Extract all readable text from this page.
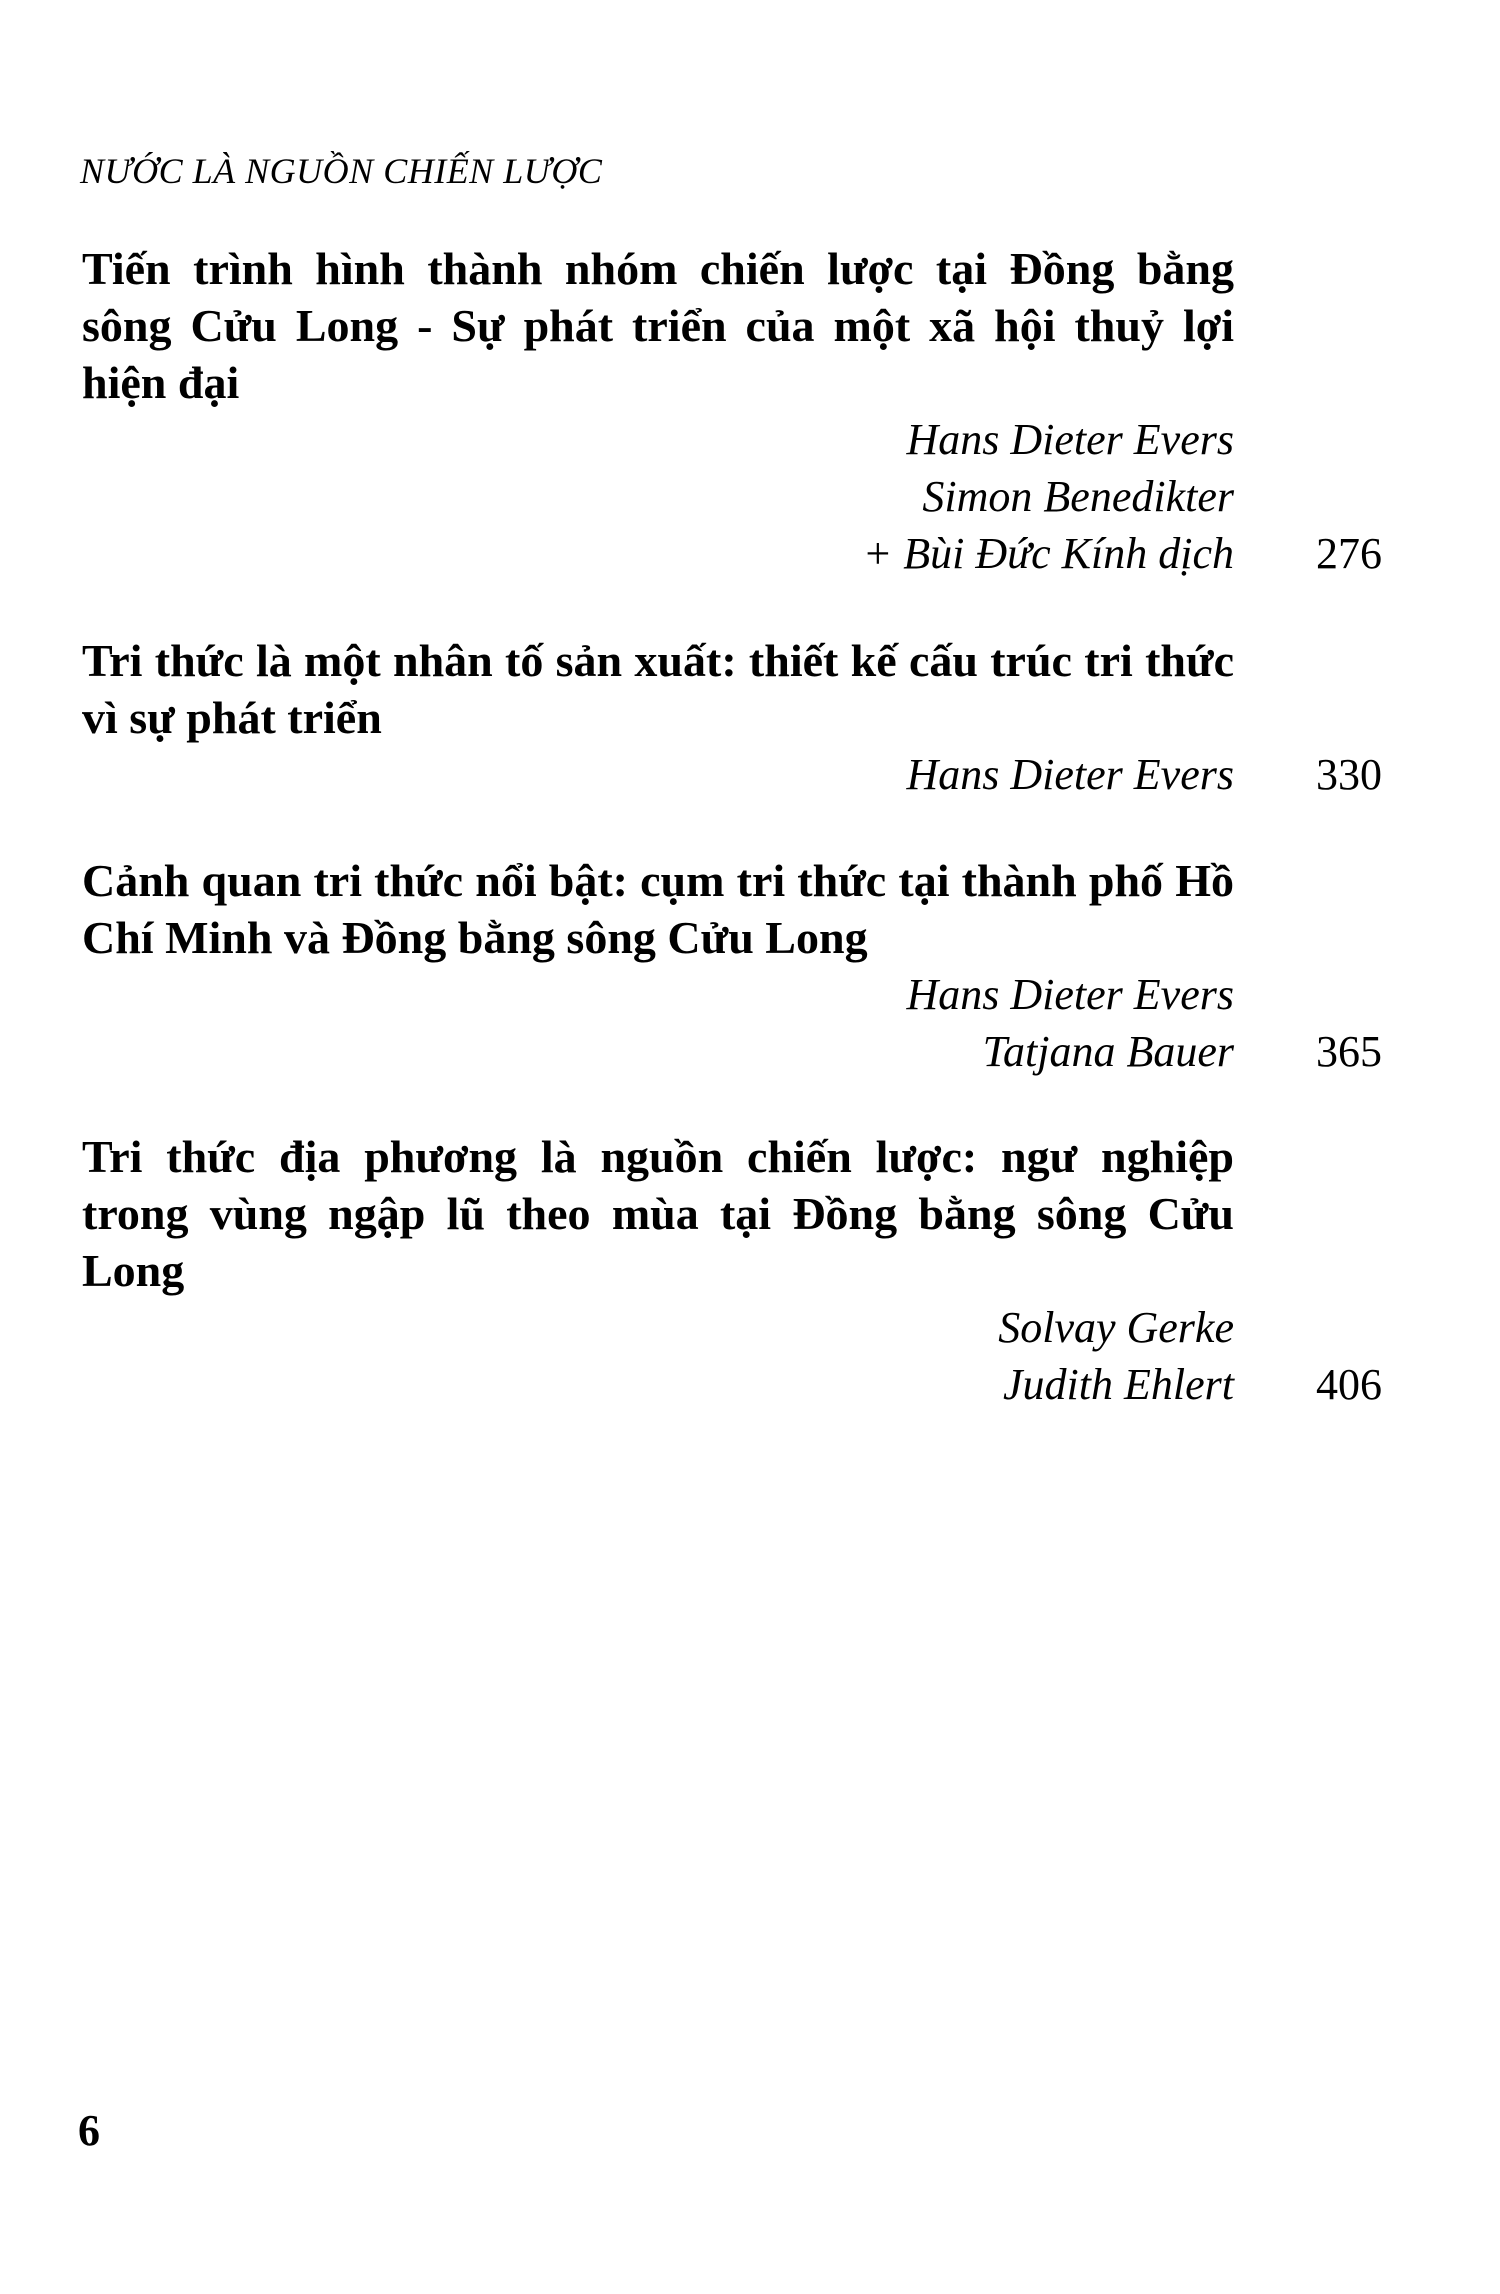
NƯỚC LÀ NGUỒN CHIẾN LƯỢC

Tiến trình hình thành nhóm chiến lược tại Đồng bằng sông Cửu Long - Sự phát triển của một xã hội thuỷ lợi hiện đại

Hans Dieter Evers
Simon Benedikter
+ Bùi Đức Kính dịch	276

Tri thức là một nhân tố sản xuất: thiết kế cấu trúc tri thức vì sự phát triển

Hans Dieter Evers	330

Cảnh quan tri thức nổi bật: cụm tri thức tại thành phố Hồ Chí Minh và Đồng bằng sông Cửu Long

Hans Dieter Evers
Tatjana Bauer	365

Tri thức địa phương là nguồn chiến lược: ngư nghiệp trong vùng ngập lũ theo mùa tại Đồng bằng sông Cửu Long

Solvay Gerke
Judith Ehlert	406
6
